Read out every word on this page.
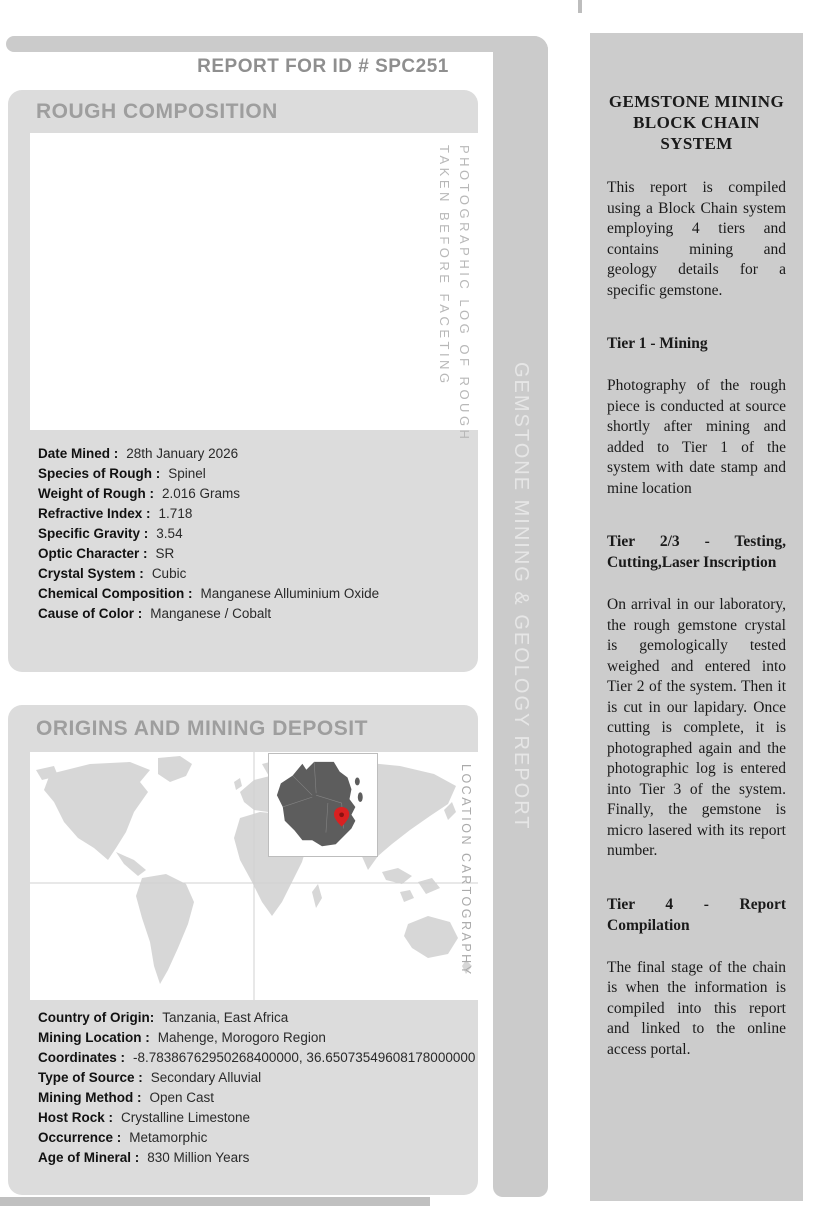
GEMSTONE MINING & GEOLOGY REPORT
REPORT FOR ID # SPC251
ROUGH COMPOSITION
PHOTOGRAPHIC LOG OF ROUGH
TAKEN BEFORE FACETING
Date Mined : 28th January 2026
Species of Rough : Spinel
Weight of Rough : 2.016 Grams
Refractive Index : 1.718
Specific Gravity : 3.54
Optic Character : SR
Crystal System : Cubic
Chemical Composition : Manganese Alluminium Oxide
Cause of Color : Manganese / Cobalt
ORIGINS AND MINING DEPOSIT
LOCATION CARTOGRAPHY
Country of Origin: Tanzania, East Africa
Mining Location : Mahenge, Morogoro Region
Coordinates : -8.78386762950268400000, 36.65073549608178000000
Type of Source : Secondary Alluvial
Mining Method : Open Cast
Host Rock : Crystalline Limestone
Occurrence : Metamorphic
Age of Mineral : 830 Million Years
GEMSTONE MINING BLOCK CHAIN SYSTEM

This report is compiled using a Block Chain system employing 4 tiers and contains mining and geology details for a specific gemstone.

Tier 1 - Mining

Photography of the rough piece is conducted at source shortly after mining and added to Tier 1 of the system with date stamp and mine location

Tier 2/3 - Testing, Cutting,Laser Inscription

On arrival in our laboratory, the rough gemstone crystal is gemologically tested weighed and entered into Tier 2 of the system. Then it is cut in our lapidary. Once cutting is complete, it is photographed again and the photographic log is entered into Tier 3 of the system. Finally, the gemstone is micro lasered with its report number.

Tier 4 - Report Compilation

The final stage of the chain is when the information is compiled into this report and linked to the online access portal.
